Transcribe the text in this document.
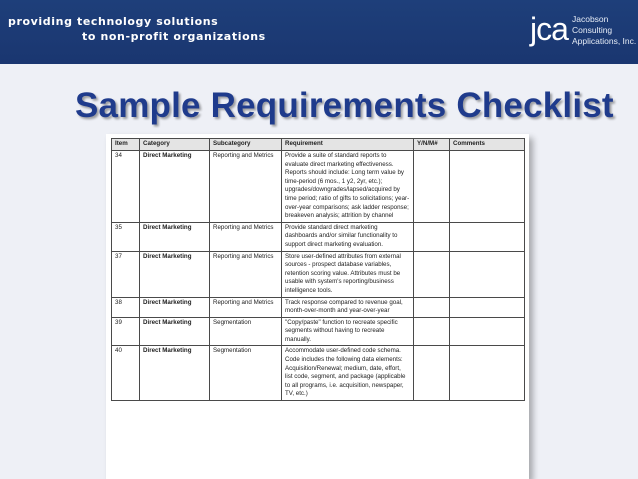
providing technology solutions
to non-profit organizations	jca Jacobson
Consulting
Applications, Inc.
Sample Requirements Checklist
Item	Category	Subcategory	Requirement	Y/N/M#	Comments
34	Direct Marketing	Reporting and Metrics	Provide a suite of standard reports to evaluate direct marketing effectiveness. Reports should include: Long term value by time-period (6 mos., 1 y2, 2yr, etc.); upgrades/downgrades/lapsed/acquired by time period; ratio of gifts to solicitations; year-over-year comparisons; ask ladder response; breakeven analysis; attrition by channel		
35	Direct Marketing	Reporting and Metrics	Provide standard direct marketing dashboards and/or similar functionality to support direct marketing evaluation.		
37	Direct Marketing	Reporting and Metrics	Store user-defined attributes from external sources - prospect database variables, retention scoring value. Attributes must be usable with system's reporting/business intelligence tools.		
38	Direct Marketing	Reporting and Metrics	Track response compared to revenue goal, month-over-month and year-over-year		
39	Direct Marketing	Segmentation	"Copy/paste" function to recreate specific segments without having to recreate manually.		
40	Direct Marketing	Segmentation	Accommodate user-defined code schema. Code includes the following data elements: Acquisition/Renewal; medium, date, effort, list code, segment, and package (applicable to all programs, i.e. acquisition, newspaper, TV, etc.)		
